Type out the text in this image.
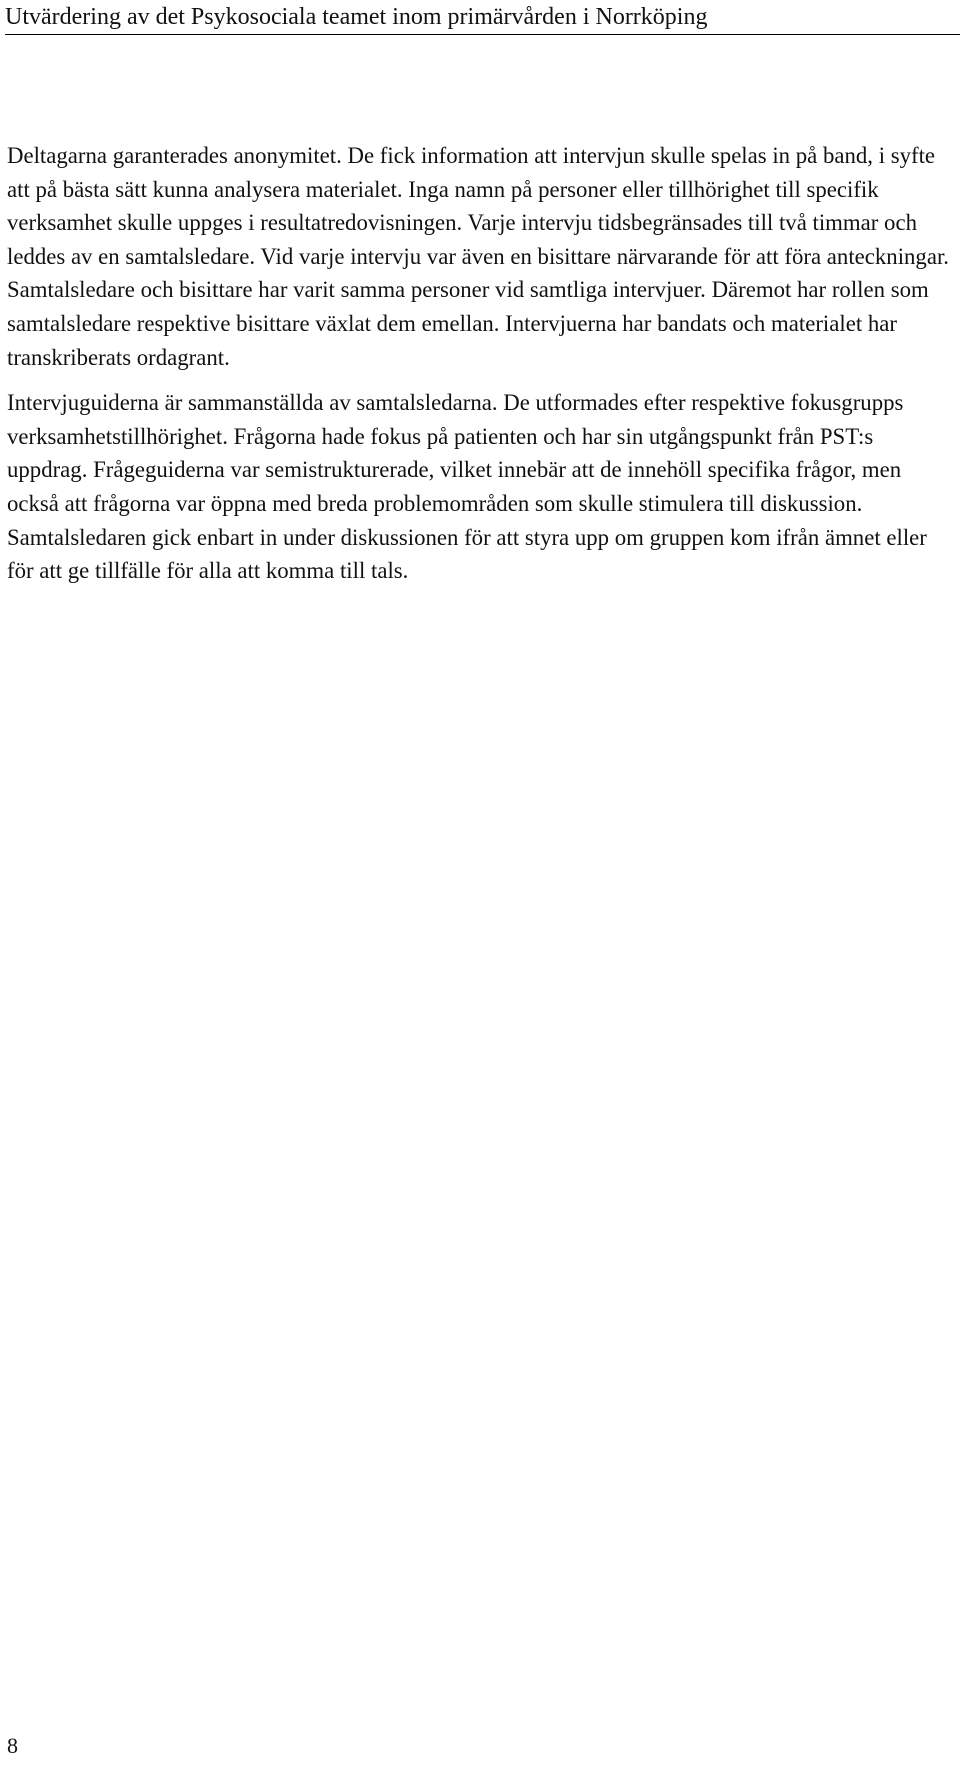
Utvärdering av det Psykosociala teamet inom primärvården i Norrköping

Deltagarna garanterades anonymitet. De fick information att intervjun skulle spelas in på band, i syfte att på bästa sätt kunna analysera materialet. Inga namn på personer eller tillhörighet till specifik verksamhet skulle uppges i resultatredovisningen. Varje intervju tidsbegränsades till två timmar och leddes av en samtalsledare. Vid varje intervju var även en bisittare närvarande för att föra anteckningar. Samtalsledare och bisittare har varit samma personer vid samtliga intervjuer. Däremot har rollen som samtalsledare respektive bisittare växlat dem emellan. Intervjuerna har bandats och materialet har transkriberats ordagrant.

Intervjuguiderna är sammanställda av samtalsledarna. De utformades efter respektive fokusgrupps verksamhetstillhörighet. Frågorna hade fokus på patienten och har sin utgångspunkt från PST:s uppdrag. Frågeguiderna var semistrukturerade, vilket innebär att de innehöll specifika frågor, men också att frågorna var öppna med breda problemområden som skulle stimulera till diskussion. Samtalsledaren gick enbart in under diskussionen för att styra upp om gruppen kom ifrån ämnet eller för att ge tillfälle för alla att komma till tals.

8
